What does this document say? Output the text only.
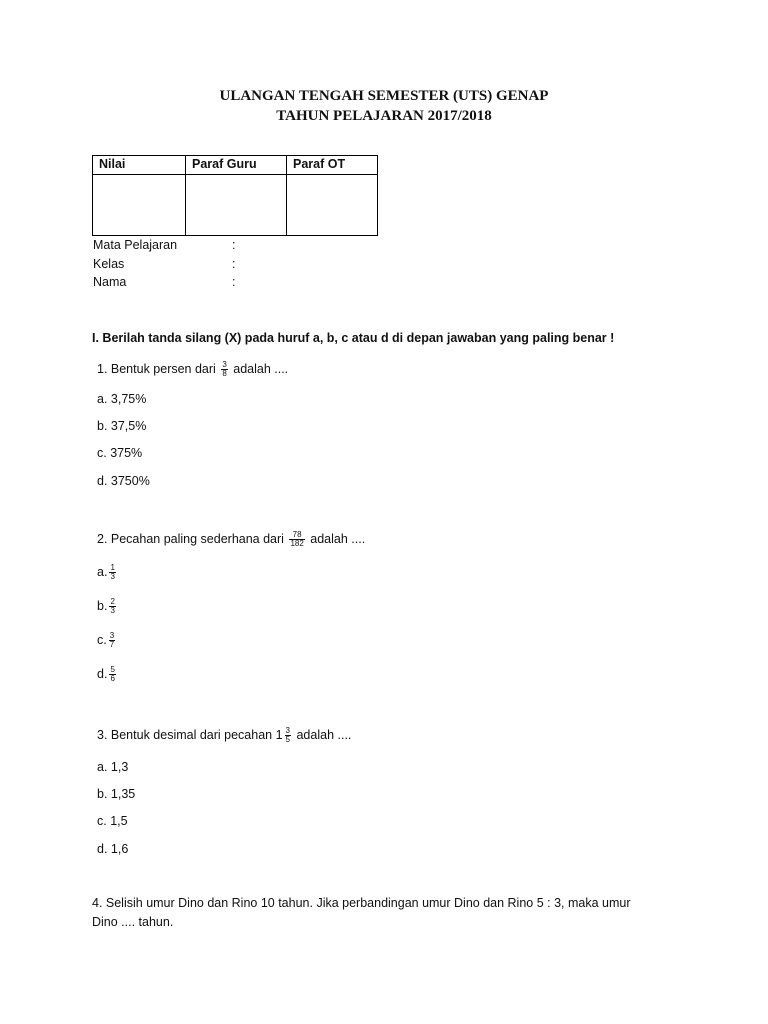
ULANGAN TENGAH SEMESTER (UTS) GENAP
TAHUN PELAJARAN 2017/2018
Nilai	Paraf Guru	Paraf OT

Mata Pelajaran	:
Kelas	:
Nama	:
I. Berilah tanda silang (X) pada huruf a, b, c atau d di depan jawaban yang paling benar !
1. Bentuk persen dari $\frac{3}{8}$ adalah ....
a. 3,75%
b. 37,5%
c. 375%
d. 3750%
2. Pecahan paling sederhana dari $\frac{78}{182}$ adalah ....
a. $\frac{1}{3}$
b. $\frac{2}{3}$
c. $\frac{3}{7}$
d. $\frac{5}{6}$
3. Bentuk desimal dari pecahan $1 \frac{3}{5}$ adalah ....
a. 1,3
b. 1,35
c. 1,5
d. 1,6
4. Selisih umur Dino dan Rino 10 tahun. Jika perbandingan umur Dino dan Rino 5 : 3, maka umur
Dino .... tahun.
